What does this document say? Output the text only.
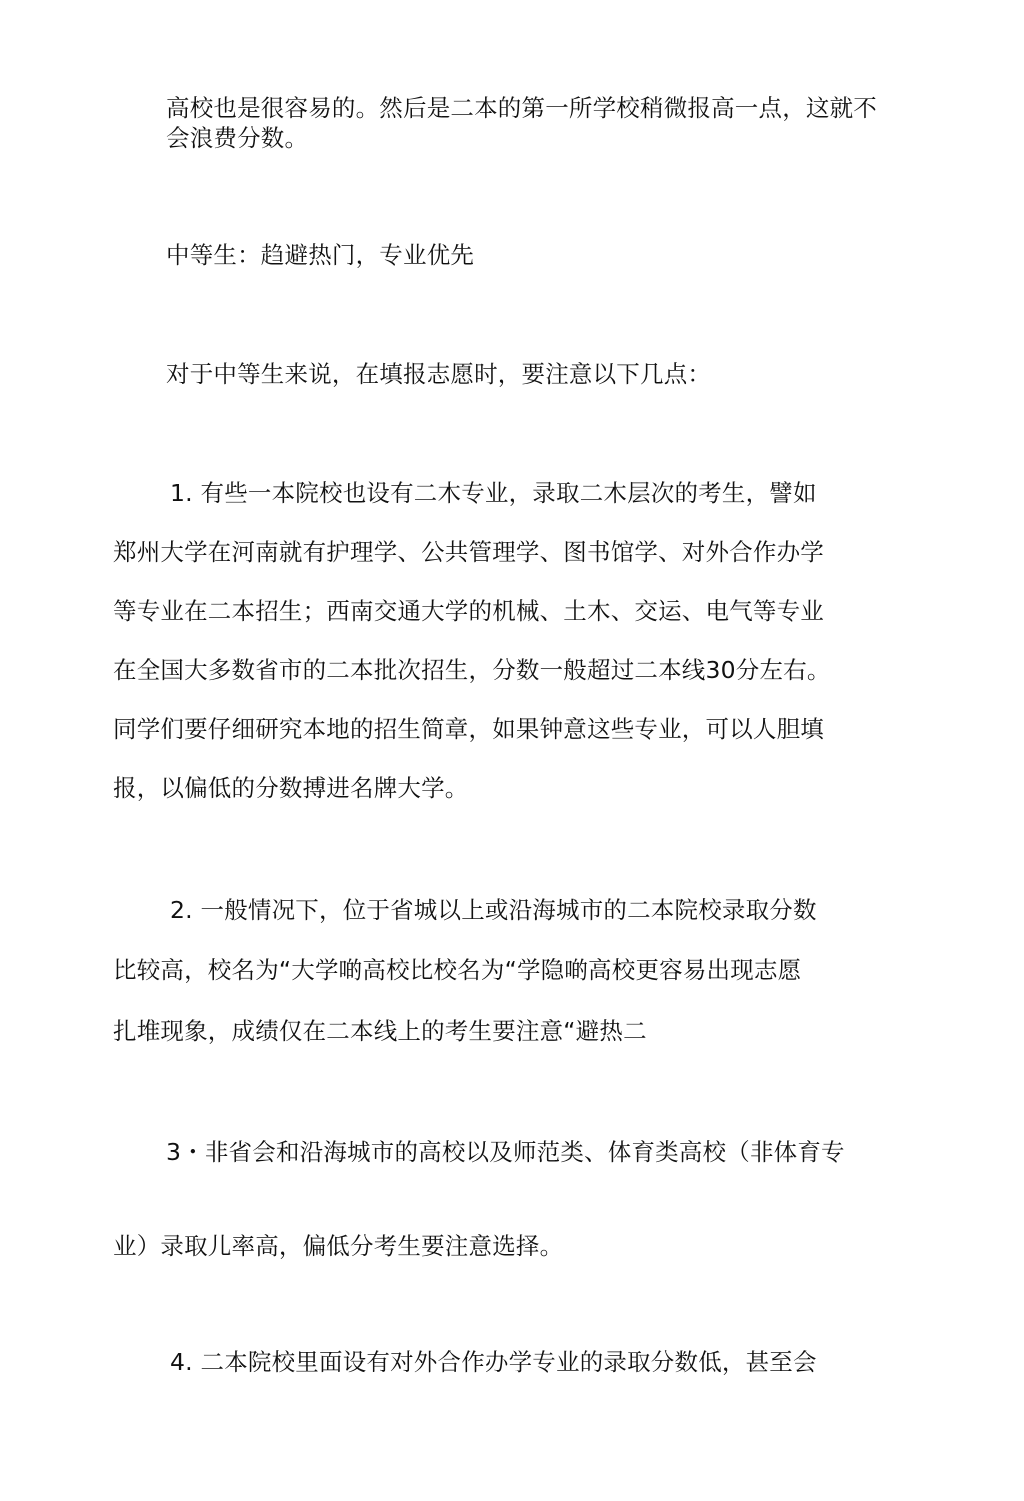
高校也是很容易的。然后是二本的第一所学校稍微报高一点，这就不
会浪费分数。
中等生：趋避热门，专业优先
对于中等生来说，在填报志愿时，要注意以下几点：
1. 有些一本院校也设有二木专业，录取二木层次的考生，譬如
郑州大学在河南就有护理学、公共管理学、图书馆学、对外合作办学
等专业在二本招生；西南交通大学的机械、土木、交运、电气等专业
在全国大多数省市的二本批次招生，分数一般超过二本线30分左右。
同学们要仔细研究本地的招生简章，如果钟意这些专业，可以人胆填
报，以偏低的分数搏进名牌大学。
2. 一般情况下，位于省城以上或沿海城市的二本院校录取分数
比较高，校名为“大学啲高校比校名为“学隐啲高校更容易出现志愿
扎堆现象，成绩仅在二本线上的考生要注意“避热二
3・非省会和沿海城市的高校以及师范类、体育类高校（非体育专
业）录取儿率高，偏低分考生要注意选择。
4. 二本院校里面设有对外合作办学专业的录取分数低，甚至会
